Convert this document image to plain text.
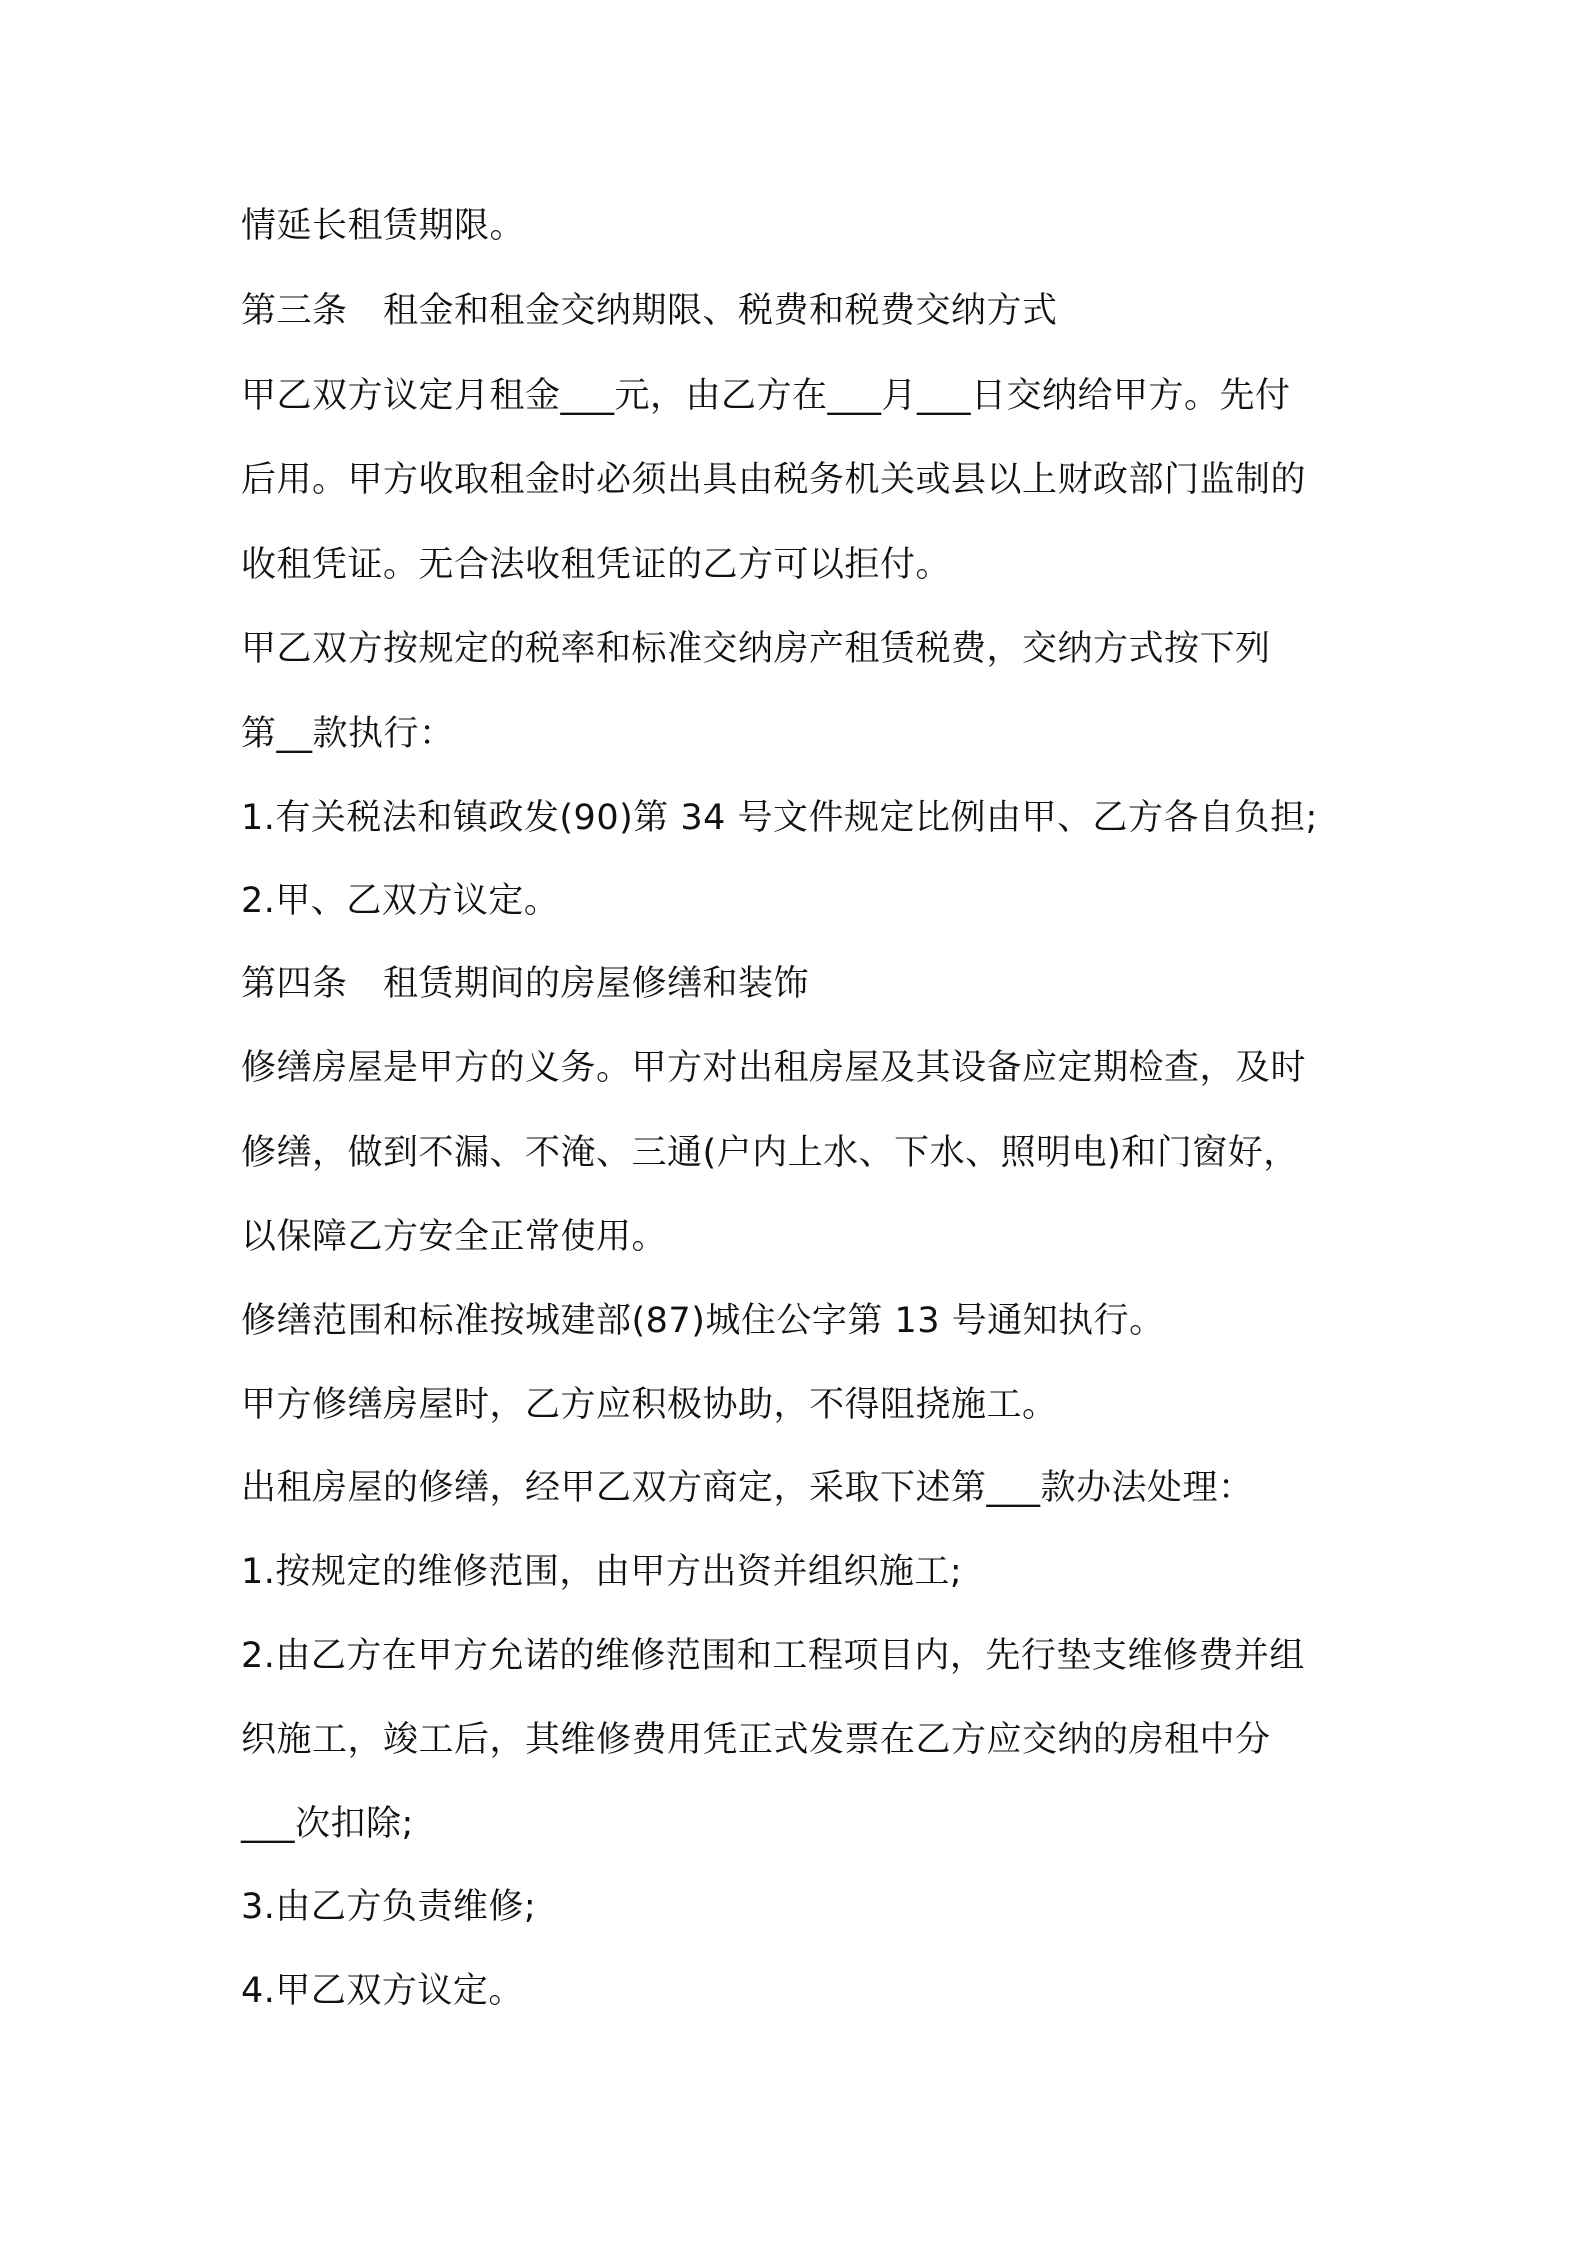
情延长租赁期限。
第三条　租金和租金交纳期限、税费和税费交纳方式
甲乙双方议定月租金___元，由乙方在___月___日交纳给甲方。先付
后用。甲方收取租金时必须出具由税务机关或县以上财政部门监制的
收租凭证。无合法收租凭证的乙方可以拒付。
甲乙双方按规定的税率和标准交纳房产租赁税费，交纳方式按下列
第__款执行：
1.有关税法和镇政发(90)第 34 号文件规定比例由甲、乙方各自负担;
2.甲、乙双方议定。
第四条　租赁期间的房屋修缮和装饰
修缮房屋是甲方的义务。甲方对出租房屋及其设备应定期检查，及时
修缮，做到不漏、不淹、三通(户内上水、下水、照明电)和门窗好，
以保障乙方安全正常使用。
修缮范围和标准按城建部(87)城住公字第 13 号通知执行。
甲方修缮房屋时，乙方应积极协助，不得阻挠施工。
出租房屋的修缮，经甲乙双方商定，采取下述第___款办法处理：
1.按规定的维修范围，由甲方出资并组织施工;
2.由乙方在甲方允诺的维修范围和工程项目内，先行垫支维修费并组
织施工，竣工后，其维修费用凭正式发票在乙方应交纳的房租中分
___次扣除;
3.由乙方负责维修;
4.甲乙双方议定。
